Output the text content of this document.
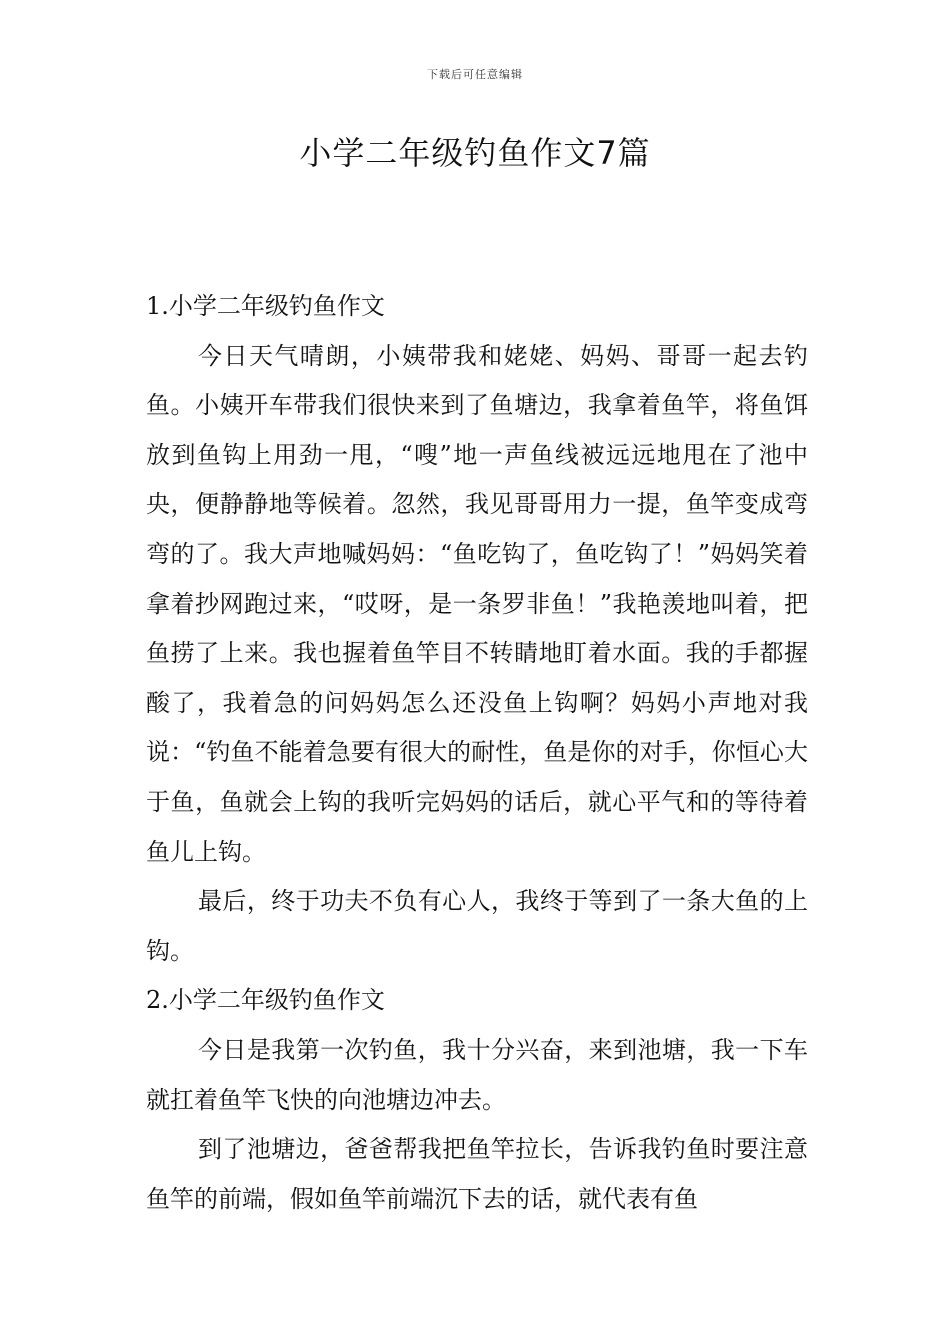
下载后可任意编辑
小学二年级钓鱼作文7篇

1.小学二年级钓鱼作文

今日天气晴朗，小姨带我和姥姥、妈妈、哥哥一起去钓鱼。小姨开车带我们很快来到了鱼塘边，我拿着鱼竿，将鱼饵放到鱼钩上用劲一甩，“嗖”地一声鱼线被远远地甩在了池中央，便静静地等候着。忽然，我见哥哥用力一提，鱼竿变成弯弯的了。我大声地喊妈妈：“鱼吃钩了，鱼吃钩了！”妈妈笑着拿着抄网跑过来，“哎呀，是一条罗非鱼！”我艳羡地叫着，把鱼捞了上来。我也握着鱼竿目不转睛地盯着水面。我的手都握酸了，我着急的问妈妈怎么还没鱼上钩啊？妈妈小声地对我说：“钓鱼不能着急要有很大的耐性，鱼是你的对手，你恒心大于鱼，鱼就会上钩的我听完妈妈的话后，就心平气和的等待着鱼儿上钩。

最后，终于功夫不负有心人，我终于等到了一条大鱼的上钩。

2.小学二年级钓鱼作文

今日是我第一次钓鱼，我十分兴奋，来到池塘，我一下车就扛着鱼竿飞快的向池塘边冲去。

到了池塘边，爸爸帮我把鱼竿拉长，告诉我钓鱼时要注意鱼竿的前端，假如鱼竿前端沉下去的话，就代表有鱼
